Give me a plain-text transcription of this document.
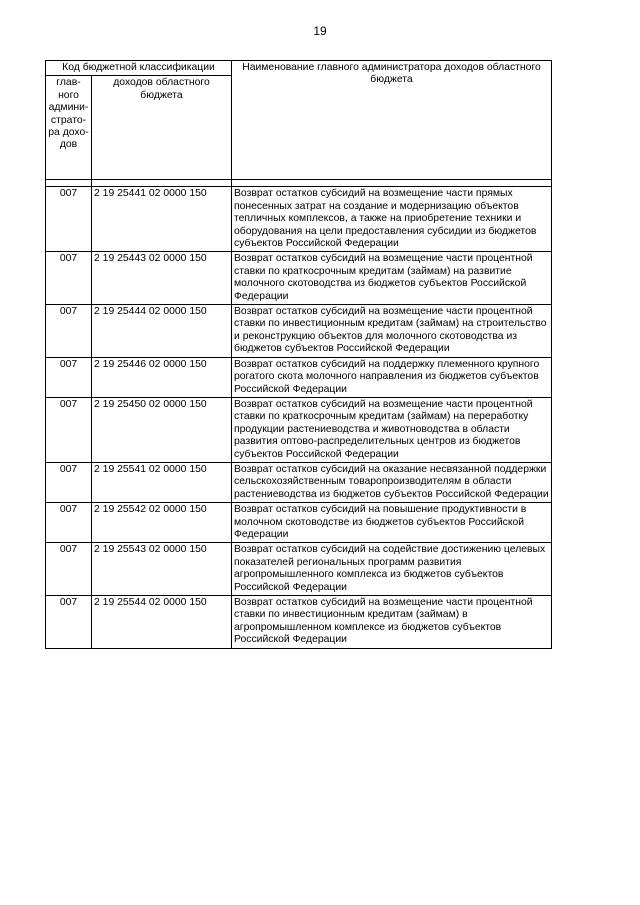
19
Код бюджетной классификации		Наименование главного администратора доходов областного бюджета
глав-ного админи-страто-ра дохо-дов	доходов областного бюджета	

007	2 19 25441 02 0000 150	Возврат остатков субсидий на возмещение части прямых понесенных затрат на создание и модернизацию объектов тепличных комплексов, а также на приобретение техники и оборудования на цели предоставления субсидии из бюджетов субъектов Российской Федерации
007	2 19 25443 02 0000 150	Возврат остатков субсидий на возмещение части процентной ставки по краткосрочным кредитам (займам) на развитие молочного скотоводства из бюджетов субъектов Российской Федерации
007	2 19 25444 02 0000 150	Возврат остатков субсидий на возмещение части процентной ставки по инвестиционным кредитам (займам) на строительство и реконструкцию объектов для молочного скотоводства из бюджетов субъектов Российской Федерации
007	2 19 25446 02 0000 150	Возврат остатков субсидий на поддержку племенного крупного рогатого скота молочного направления из бюджетов субъектов Российской Федерации
007	2 19 25450 02 0000 150	Возврат остатков субсидий на возмещение части процентной ставки по краткосрочным кредитам (займам) на переработку продукции растениеводства и животноводства в области развития оптово-распределительных центров из бюджетов субъектов Российской Федерации
007	2 19 25541 02 0000 150	Возврат остатков субсидий на оказание несвязанной поддержки сельскохозяйственным товаропроизводителям в области растениеводства из бюджетов субъектов Российской Федерации
007	2 19 25542 02 0000 150	Возврат остатков субсидий на повышение продуктивности в молочном скотоводстве из бюджетов субъектов Российской Федерации
007	2 19 25543 02 0000 150	Возврат остатков субсидий на содействие достижению целевых показателей региональных программ развития агропромышленного комплекса из бюджетов субъектов Российской Федерации
007	2 19 25544 02 0000 150	Возврат остатков субсидий на возмещение части процентной ставки по инвестиционным кредитам (займам) в агропромышленном комплексе из бюджетов субъектов Российской Федерации
